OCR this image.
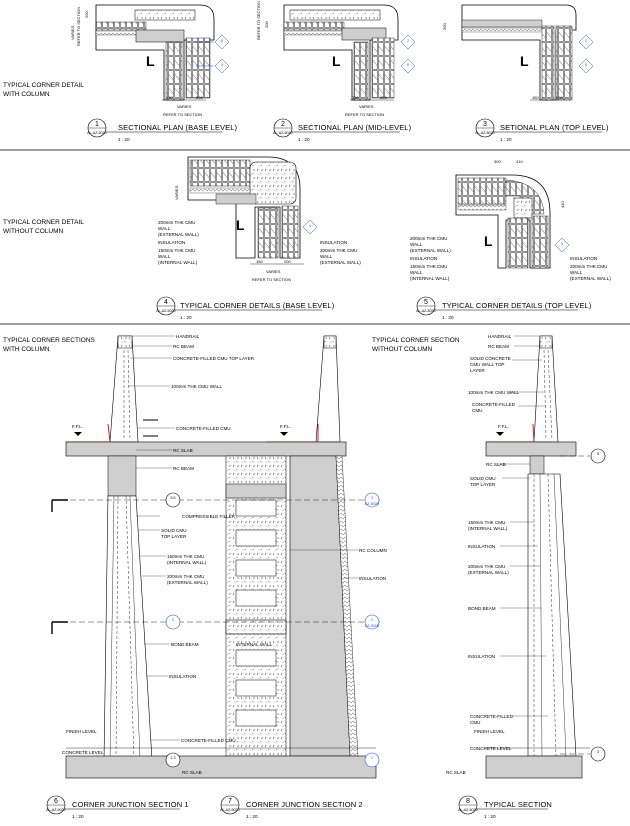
TYPICAL CORNER DETAIL
WITH COLUMN
L
6
5
VARIES REFER TO SECTION 200
150	200
VARIES
REFER TO SECTION
L
2
6
REFER TO SECTION 200
150	200
VARIES
REFER TO SECTION
L
2
6
200
150	200
1
AL-AZ-502E
SECTIONAL PLAN (BASE LEVEL)
1 : 20
2
AL-AZ-502E
SECTIONAL PLAN (MID-LEVEL)
1 : 20
3
AL-AZ-502E
SETIONAL PLAN (TOP LEVEL)
1 : 20
TYPICAL CORNER DETAIL
WITHOUT COLUMN	L	4
200mm THK CMU
WALL
(EXTERNAL WALL)
INSULATION
150mm THK CMU
WALL
(INTERNAL WALL)
INSULATION
200mm THK CMU
WALL
(EXTERNAL WALL)
150	200
VARIES
REFER TO SECTION
VARIES
L	5
300	410
410
200mm THK CMU
WALL
(EXTERNAL WALL)
INSULATION
150mm THK CMU
WALL
(INTERNAL WALL)
INSULATION
200mm THK CMU
WALL
(EXTERNAL WALL)
4
AL-AZ-502E
TYPICAL CORNER DETAILS (BASE LEVEL)
1 : 20
5
AL-AZ-502E
TYPICAL CORNER DETAILS (TOP LEVEL)
1 : 20
TYPICAL CORNER SECTIONS
WITH COLUMN
TYPICAL CORNER SECTION
WITHOUT COLUMN
5.5
1.3
2
3
AZ-502E
2
AZ-502E
1
HANDRAIL
RC BEAM
CONCRETE-FILLED CMU TOP LAYER
100mm THK CMU WALL
CONCRETE-FILLED CMU
RC SLAB
RC BEAM
COMPRESSIBLE FILLER
SOLID CMU
TOP LAYER
150mm THK CMU
(INTERNAL WALL)
200mm THK CMU
(EXTERNAL WALL)
BOND BEAM	INTERNAL WALL
INSULATION
FINISH LEVEL
CONCRETE LEVEL
CONCRETE-FILLED CMU
RC SLAB
RC COLUMN
INSULATION
F.F.L.	F.F.L.
5
3
HANDRAIL
RC BEAM
SOLID CONCRETE
CMU WALL TOP
LAYER
100mm THK CMU WALL
CONCRETE-FILLED
CMU
F.F.L.
RC SLAB
SOLID CMU
TOP LAYER
150mm THK CMU
(INTERNAL WALL)
INSULATION
200mm THK CMU
(EXTERNAL WALL)
BOND BEAM
INSULATION
CONCRETE-FILLED
CMU
FINISH LEVEL
CONCRETE LEVEL
RC SLAB
6
AL-AZ-502E
CORNER JUNCTION SECTION 1
1 : 20
7
AL-AZ-502E
CORNER JUNCTION SECTION 2
1 : 20
8
AL-AZ-502E
TYPICAL SECTION
1 : 20
